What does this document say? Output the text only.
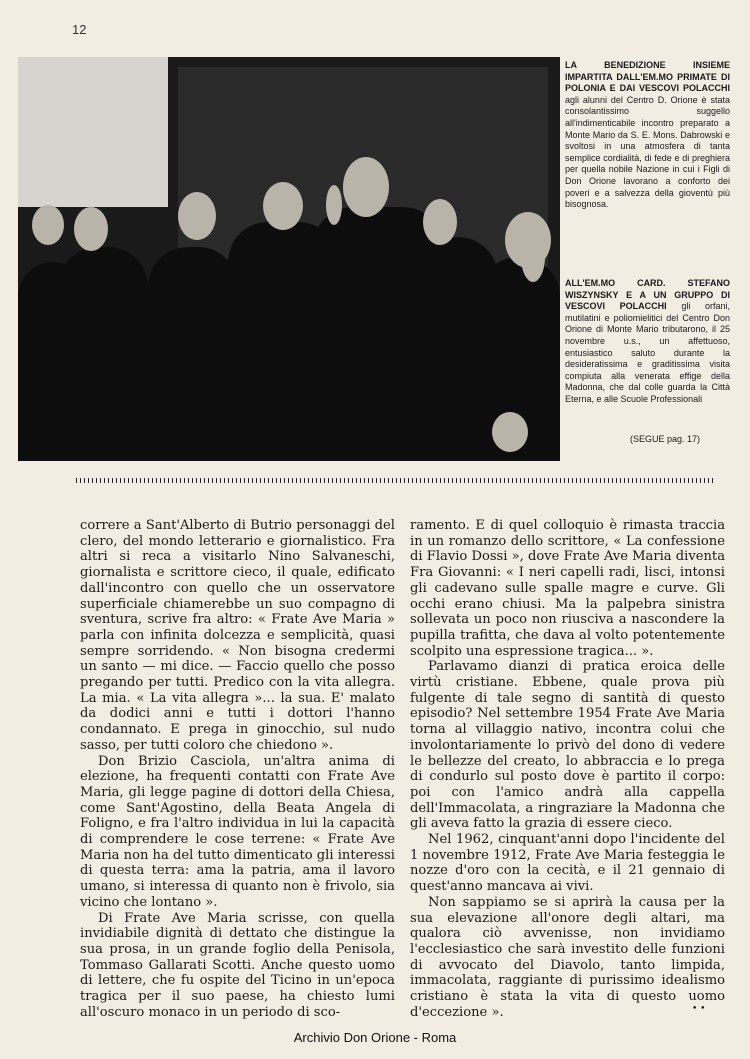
12
LA BENEDIZIONE INSIEME IMPARTITA DALL'EM.MO PRIMATE DI POLONIA E DAI VESCOVI POLACCHI agli alunni del Centro D. Orione è stata consolantissimo suggello all'indimenticabile incontro preparato a Monte Mario da S. E. Mons. Dabrowski e svoltosi in una atmosfera di tanta semplice cordialità, di fede e di preghiera per quella nobile Nazione in cui i Figli di Don Orione lavorano a conforto dei poveri e a salvezza della gioventù più bisognosa.
ALL'EM.MO CARD. STEFANO WISZYNSKY E A UN GRUPPO DI VESCOVI POLACCHI gli orfani, mutilatini e poliomielitici del Centro Don Orione di Monte Mario tributarono, il 25 novembre u.s., un affettuoso, entusiastico saluto durante la desideratissima e graditissima visita compiuta alla venerata effige della Madonna, che dal colle guarda la Città Eterna, e alle Scuole Professionali
(SEGUE pag. 17)

correre a Sant'Alberto di Butrio personaggi del clero, del mondo letterario e giornalistico. Fra altri si reca a visitarlo Nino Salvaneschi, giornalista e scrittore cieco, il quale, edificato dall'incontro con quello che un osservatore superficiale chiamerebbe un suo compagno di sventura, scrive fra altro: « Frate Ave Maria » parla con infinita dolcezza e semplicità, quasi sempre sorridendo. « Non bisogna credermi un santo — mi dice. — Faccio quello che posso pregando per tutti. Predico con la vita allegra. La mia. « La vita allegra »... la sua. E' malato da dodici anni e tutti i dottori l'hanno condannato. E prega in ginocchio, sul nudo sasso, per tutti coloro che chiedono ».

Don Brizio Casciola, un'altra anima di elezione, ha frequenti contatti con Frate Ave Maria, gli legge pagine di dottori della Chiesa, come Sant'Agostino, della Beata Angela di Foligno, e fra l'altro individua in lui la capacità di comprendere le cose terrene: « Frate Ave Maria non ha del tutto dimenticato gli interessi di questa terra: ama la patria, ama il lavoro umano, si interessa di quanto non è frivolo, sia vicino che lontano ».

Di Frate Ave Maria scrisse, con quella invidiabile dignità di dettato che distingue la sua prosa, in un grande foglio della Penisola, Tommaso Gallarati Scotti. Anche questo uomo di lettere, che fu ospite del Ticino in un'epoca tragica per il suo paese, ha chiesto lumi all'oscuro monaco in un periodo di sco-

ramento. E di quel colloquio è rimasta traccia in un romanzo dello scrittore, « La confessione di Flavio Dossi », dove Frate Ave Maria diventa Fra Giovanni: « I neri capelli radi, lisci, intonsi gli cadevano sulle spalle magre e curve. Gli occhi erano chiusi. Ma la palpebra sinistra sollevata un poco non riusciva a nascondere la pupilla trafitta, che dava al volto potentemente scolpito una espressione tragica... ».

Parlavamo dianzi di pratica eroica delle virtù cristiane. Ebbene, quale prova più fulgente di tale segno di santità di questo episodio? Nel settembre 1954 Frate Ave Maria torna al villaggio nativo, incontra colui che involontariamente lo privò del dono di vedere le bellezze del creato, lo abbraccia e lo prega di condurlo sul posto dove è partito il corpo: poi con l'amico andrà alla cappella dell'Immacolata, a ringraziare la Madonna che gli aveva fatto la grazia di essere cieco.

Nel 1962, cinquant'anni dopo l'incidente del 1 novembre 1912, Frate Ave Maria festeggia le nozze d'oro con la cecità, e il 21 gennaio di quest'anno mancava ai vivi.

Non sappiamo se si aprirà la causa per la sua elevazione all'onore degli altari, ma qualora ciò avvenisse, non invidiamo l'ecclesiastico che sarà investito delle funzioni di avvocato del Diavolo, tanto limpida, immacolata, raggiante di purissimo idealismo cristiano è stata la vita di questo uomo d'eccezione ».	• •
Archivio Don Orione - Roma
